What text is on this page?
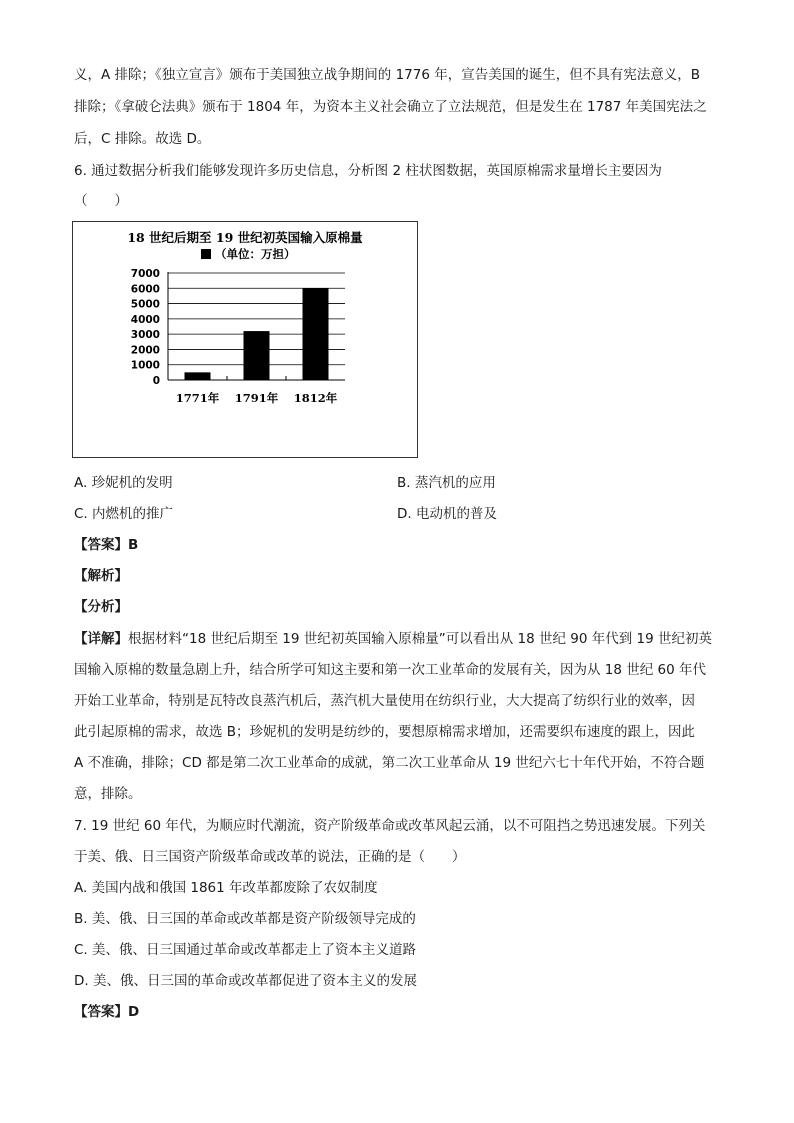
义，A 排除；《独立宣言》颁布于美国独立战争期间的 1776 年，宣告美国的诞生，但不具有宪法意义，B
排除；《拿破仑法典》颁布于 1804 年，为资本主义社会确立了立法规范，但是发生在 1787 年美国宪法之
后，C 排除。故选 D。
6. 通过数据分析我们能够发现许多历史信息，分析图 2 柱状图数据，英国原棉需求量增长主要因为
（　　）
18 世纪后期至 19 世纪初英国输入原棉量
（单位：万担）
7000
6000
5000
4000
3000
2000
1000
0
1771年 1791年 1812年
A. 珍妮机的发明	B. 蒸汽机的应用
C. 内燃机的推广	D. 电动机的普及
【答案】B
【解析】
【分析】
【详解】根据材料“18 世纪后期至 19 世纪初英国输入原棉量”可以看出从 18 世纪 90 年代到 19 世纪初英
国输入原棉的数量急剧上升，结合所学可知这主要和第一次工业革命的发展有关，因为从 18 世纪 60 年代
开始工业革命，特别是瓦特改良蒸汽机后，蒸汽机大量使用在纺织行业，大大提高了纺织行业的效率，因
此引起原棉的需求，故选 B；珍妮机的发明是纺纱的，要想原棉需求增加，还需要织布速度的跟上，因此
A 不准确，排除；CD 都是第二次工业革命的成就，第二次工业革命从 19 世纪六七十年代开始，不符合题
意，排除。
7. 19 世纪 60 年代，为顺应时代潮流，资产阶级革命或改革风起云涌，以不可阻挡之势迅速发展。下列关
于美、俄、日三国资产阶级革命或改革的说法，正确的是（　　）
A. 美国内战和俄国 1861 年改革都废除了农奴制度
B. 美、俄、日三国的革命或改革都是资产阶级领导完成的
C. 美、俄、日三国通过革命或改革都走上了资本主义道路
D. 美、俄、日三国的革命或改革都促进了资本主义的发展
【答案】D
